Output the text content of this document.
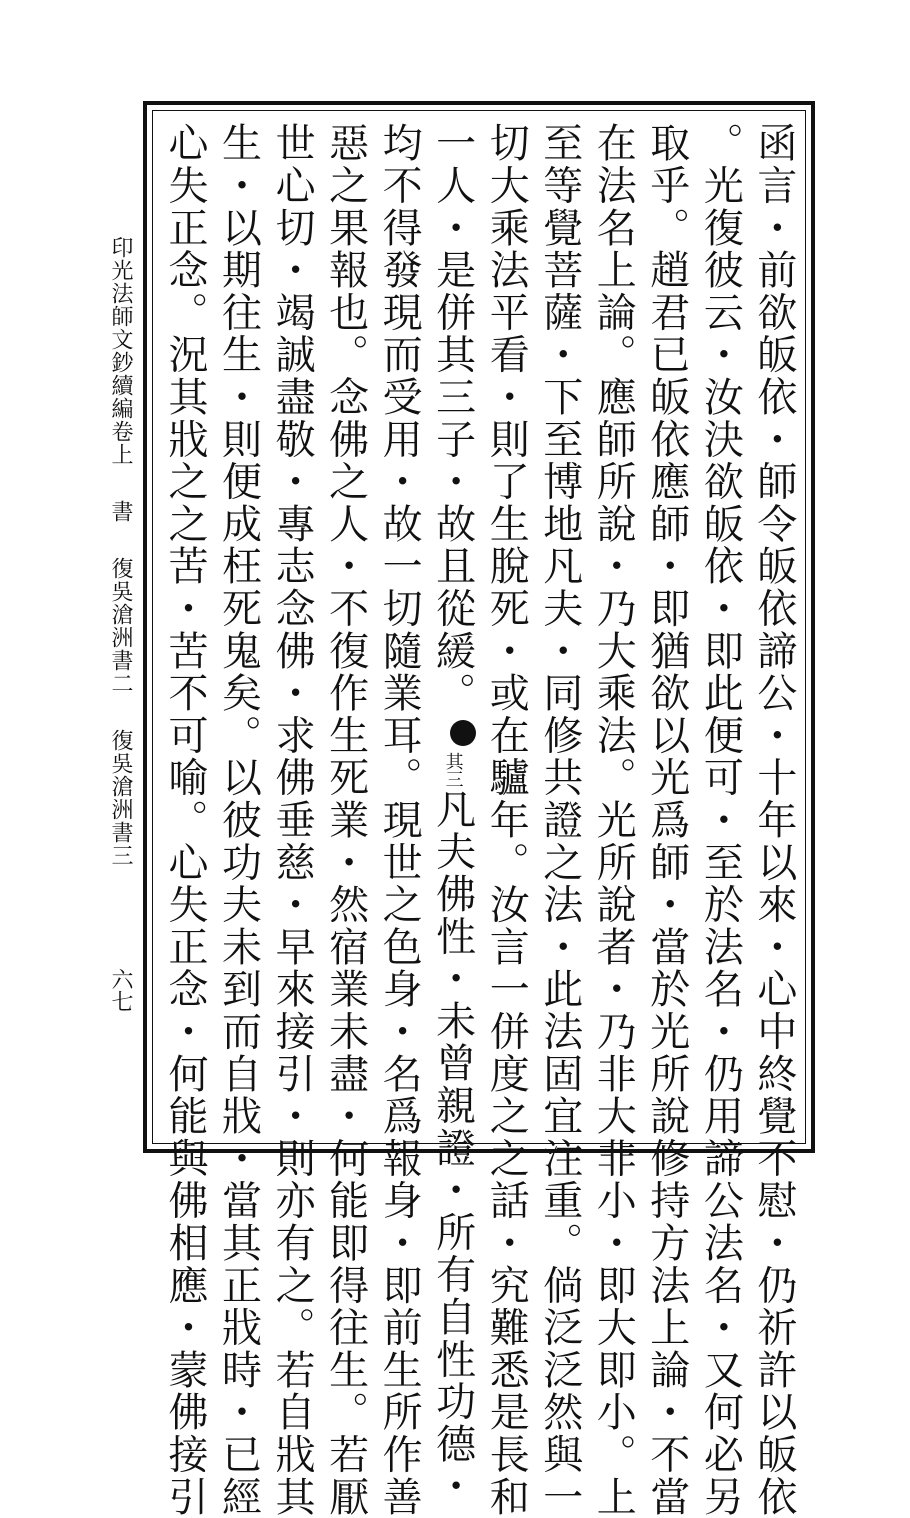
印光法師文鈔續編卷上 書 復吳滄洲書二 復吳滄洲書三
六七	函言・前欲皈依・師令皈依諦公・十年以來・心中終覺不慰・仍祈許以皈依
。光復彼云・汝決欲皈依・即此便可・至於法名・仍用諦公法名・又何必另
取乎。趙君已皈依應師・即猶欲以光爲師・當於光所說修持方法上論・不當
在法名上論。應師所說・乃大乘法。光所說者・乃非大非小・即大即小。上
至等覺菩薩・下至博地凡夫・同修共證之法・此法固宜注重。倘泛泛然與一
切大乘法平看・則了生脫死・或在驢年。汝言一併度之之話・究難悉是長和
一人・是併其三子・故且從緩。其三凡夫佛性・未曾親證・所有自性功德・
均不得發現而受用・故一切隨業耳。現世之色身・名爲報身・即前生所作善
惡之果報也。念佛之人・不復作生死業・然宿業未盡・何能即得往生。若厭
世心切・竭誠盡敬・專志念佛・求佛垂慈・早來接引・則亦有之。若自戕其
生・以期往生・則便成枉死鬼矣。以彼功夫未到而自戕・當其正戕時・已經
心失正念。況其戕之之苦・苦不可喻。心失正念・何能與佛相應・蒙佛接引
